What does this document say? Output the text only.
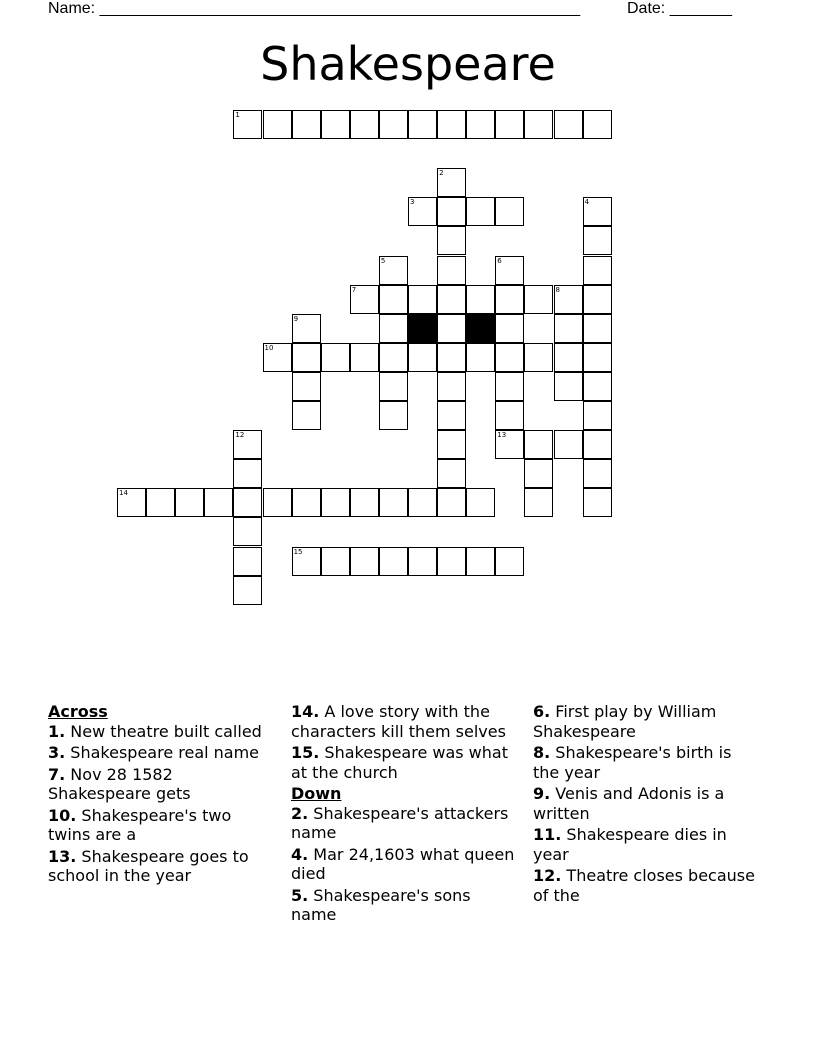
Name: ______________________________________________________	Date: _______
Shakespeare
1
2
3	4
5	6
7	8
9
10
12	13
14
15
Across
1. New theatre built called
3. Shakespeare real name
7. Nov 28 1582 Shakespeare gets
10. Shakespeare's two twins are a
13. Shakespeare goes to school in the year
14. A love story with the characters kill them selves
15. Shakespeare was what at the church
Down
2. Shakespeare's attackers name
4. Mar 24,1603 what queen died
5. Shakespeare's sons name
6. First play by William Shakespeare
8. Shakespeare's birth is the year
9. Venis and Adonis is a written
11. Shakespeare dies in year
12. Theatre closes because of the
